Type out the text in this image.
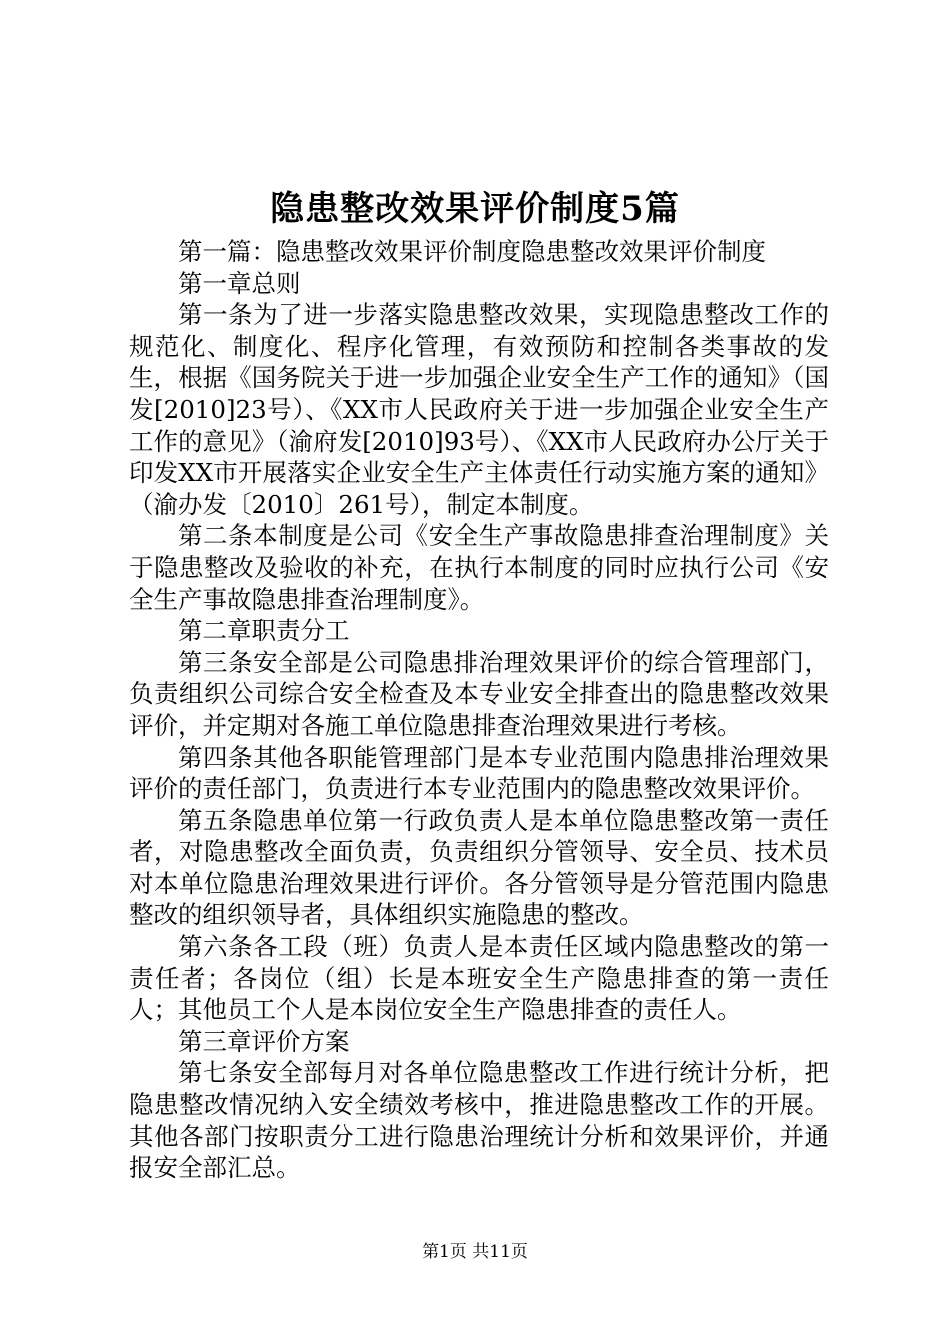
隐患整改效果评价制度5篇

第一篇：隐患整改效果评价制度隐患整改效果评价制度

第一章总则

第一条为了进一步落实隐患整改效果，实现隐患整改工作的规范化、制度化、程序化管理，有效预防和控制各类事故的发生，根据《国务院关于进一步加强企业安全生产工作的通知》（国发[2010]23号）、《XX市人民政府关于进一步加强企业安全生产工作的意见》（渝府发[2010]93号）、《XX市人民政府办公厅关于印发XX市开展落实企业安全生产主体责任行动实施方案的通知》（渝办发〔2010〕261号），制定本制度。

第二条本制度是公司《安全生产事故隐患排查治理制度》关于隐患整改及验收的补充，在执行本制度的同时应执行公司《安全生产事故隐患排查治理制度》。

第二章职责分工

第三条安全部是公司隐患排治理效果评价的综合管理部门，负责组织公司综合安全检查及本专业安全排查出的隐患整改效果评价，并定期对各施工单位隐患排查治理效果进行考核。

第四条其他各职能管理部门是本专业范围内隐患排治理效果评价的责任部门，负责进行本专业范围内的隐患整改效果评价。

第五条隐患单位第一行政负责人是本单位隐患整改第一责任者，对隐患整改全面负责，负责组织分管领导、安全员、技术员对本单位隐患治理效果进行评价。各分管领导是分管范围内隐患整改的组织领导者，具体组织实施隐患的整改。

第六条各工段（班）负责人是本责任区域内隐患整改的第一责任者；各岗位（组）长是本班安全生产隐患排查的第一责任人；其他员工个人是本岗位安全生产隐患排查的责任人。

第三章评价方案

第七条安全部每月对各单位隐患整改工作进行统计分析，把隐患整改情况纳入安全绩效考核中，推进隐患整改工作的开展。其他各部门按职责分工进行隐患治理统计分析和效果评价，并通报安全部汇总。

第1页 共11页
